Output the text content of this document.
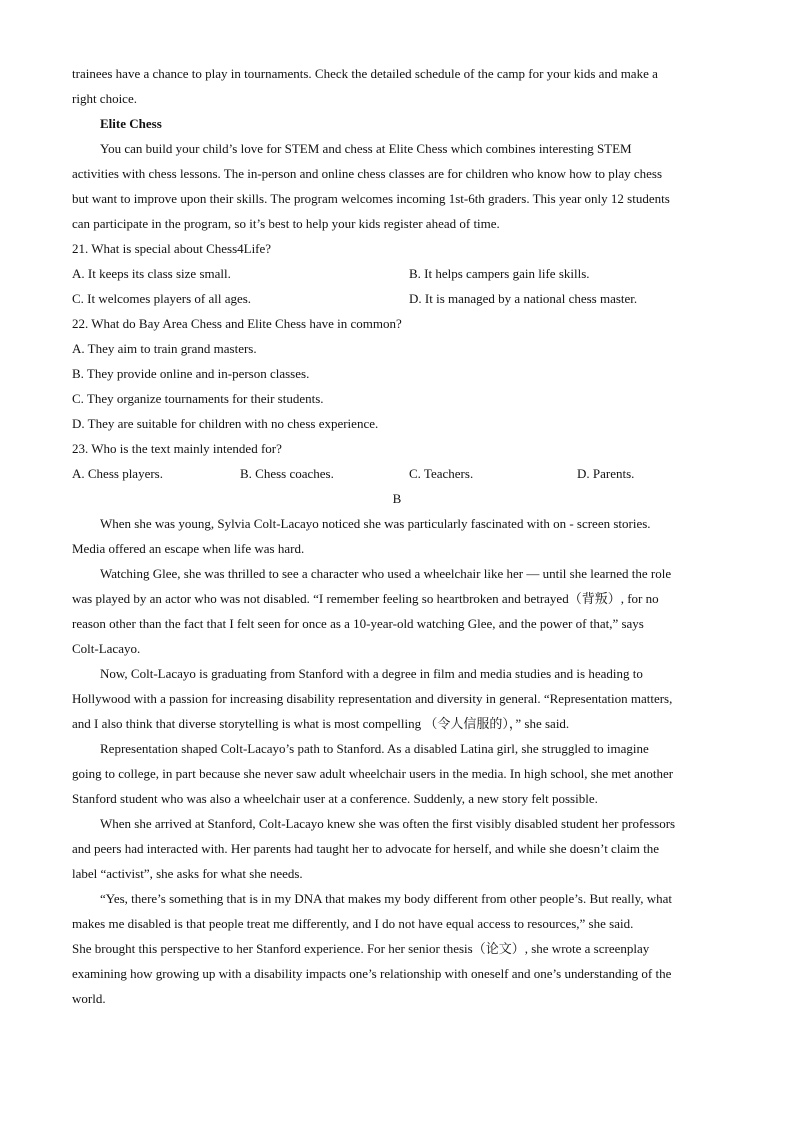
trainees have a chance to play in tournaments. Check the detailed schedule of the camp for your kids and make a
right choice.
Elite Chess
You can build your child’s love for STEM and chess at Elite Chess which combines interesting STEM
activities with chess lessons. The in-person and online chess classes are for children who know how to play chess
but want to improve upon their skills. The program welcomes incoming 1st-6th graders. This year only 12 students
can participate in the program, so it’s best to help your kids register ahead of time.
21. What is special about Chess4Life?
A. It keeps its class size small.	B. It helps campers gain life skills.
C. It welcomes players of all ages.	D. It is managed by a national chess master.
22. What do Bay Area Chess and Elite Chess have in common?
A. They aim to train grand masters.
B. They provide online and in-person classes.
C. They organize tournaments for their students.
D. They are suitable for children with no chess experience.
23. Who is the text mainly intended for?
A. Chess players.	B. Chess coaches.	C. Teachers.	D. Parents.
B
When she was young, Sylvia Colt-Lacayo noticed she was particularly fascinated with on - screen stories.
Media offered an escape when life was hard.
Watching Glee, she was thrilled to see a character who used a wheelchair like her — until she learned the role
was played by an actor who was not disabled. “I remember feeling so heartbroken and betrayed（背叛）, for no
reason other than the fact that I felt seen for once as a 10-year-old watching Glee, and the power of that,” says
Colt-Lacayo.
Now, Colt-Lacayo is graduating from Stanford with a degree in film and media studies and is heading to
Hollywood with a passion for increasing disability representation and diversity in general. “Representation matters,
and I also think that diverse storytelling is what is most compelling （令人信服的），” she said.
Representation shaped Colt-Lacayo’s path to Stanford. As a disabled Latina girl, she struggled to imagine
going to college, in part because she never saw adult wheelchair users in the media. In high school, she met another
Stanford student who was also a wheelchair user at a conference. Suddenly, a new story felt possible.
When she arrived at Stanford, Colt-Lacayo knew she was often the first visibly disabled student her professors
and peers had interacted with. Her parents had taught her to advocate for herself, and while she doesn’t claim the
label “activist”, she asks for what she needs.
“Yes, there’s something that is in my DNA that makes my body different from other people’s. But really, what
makes me disabled is that people treat me differently, and I do not have equal access to resources,” she said.
She brought this perspective to her Stanford experience. For her senior thesis（论文）, she wrote a screenplay
examining how growing up with a disability impacts one’s relationship with oneself and one’s understanding of the
world.
